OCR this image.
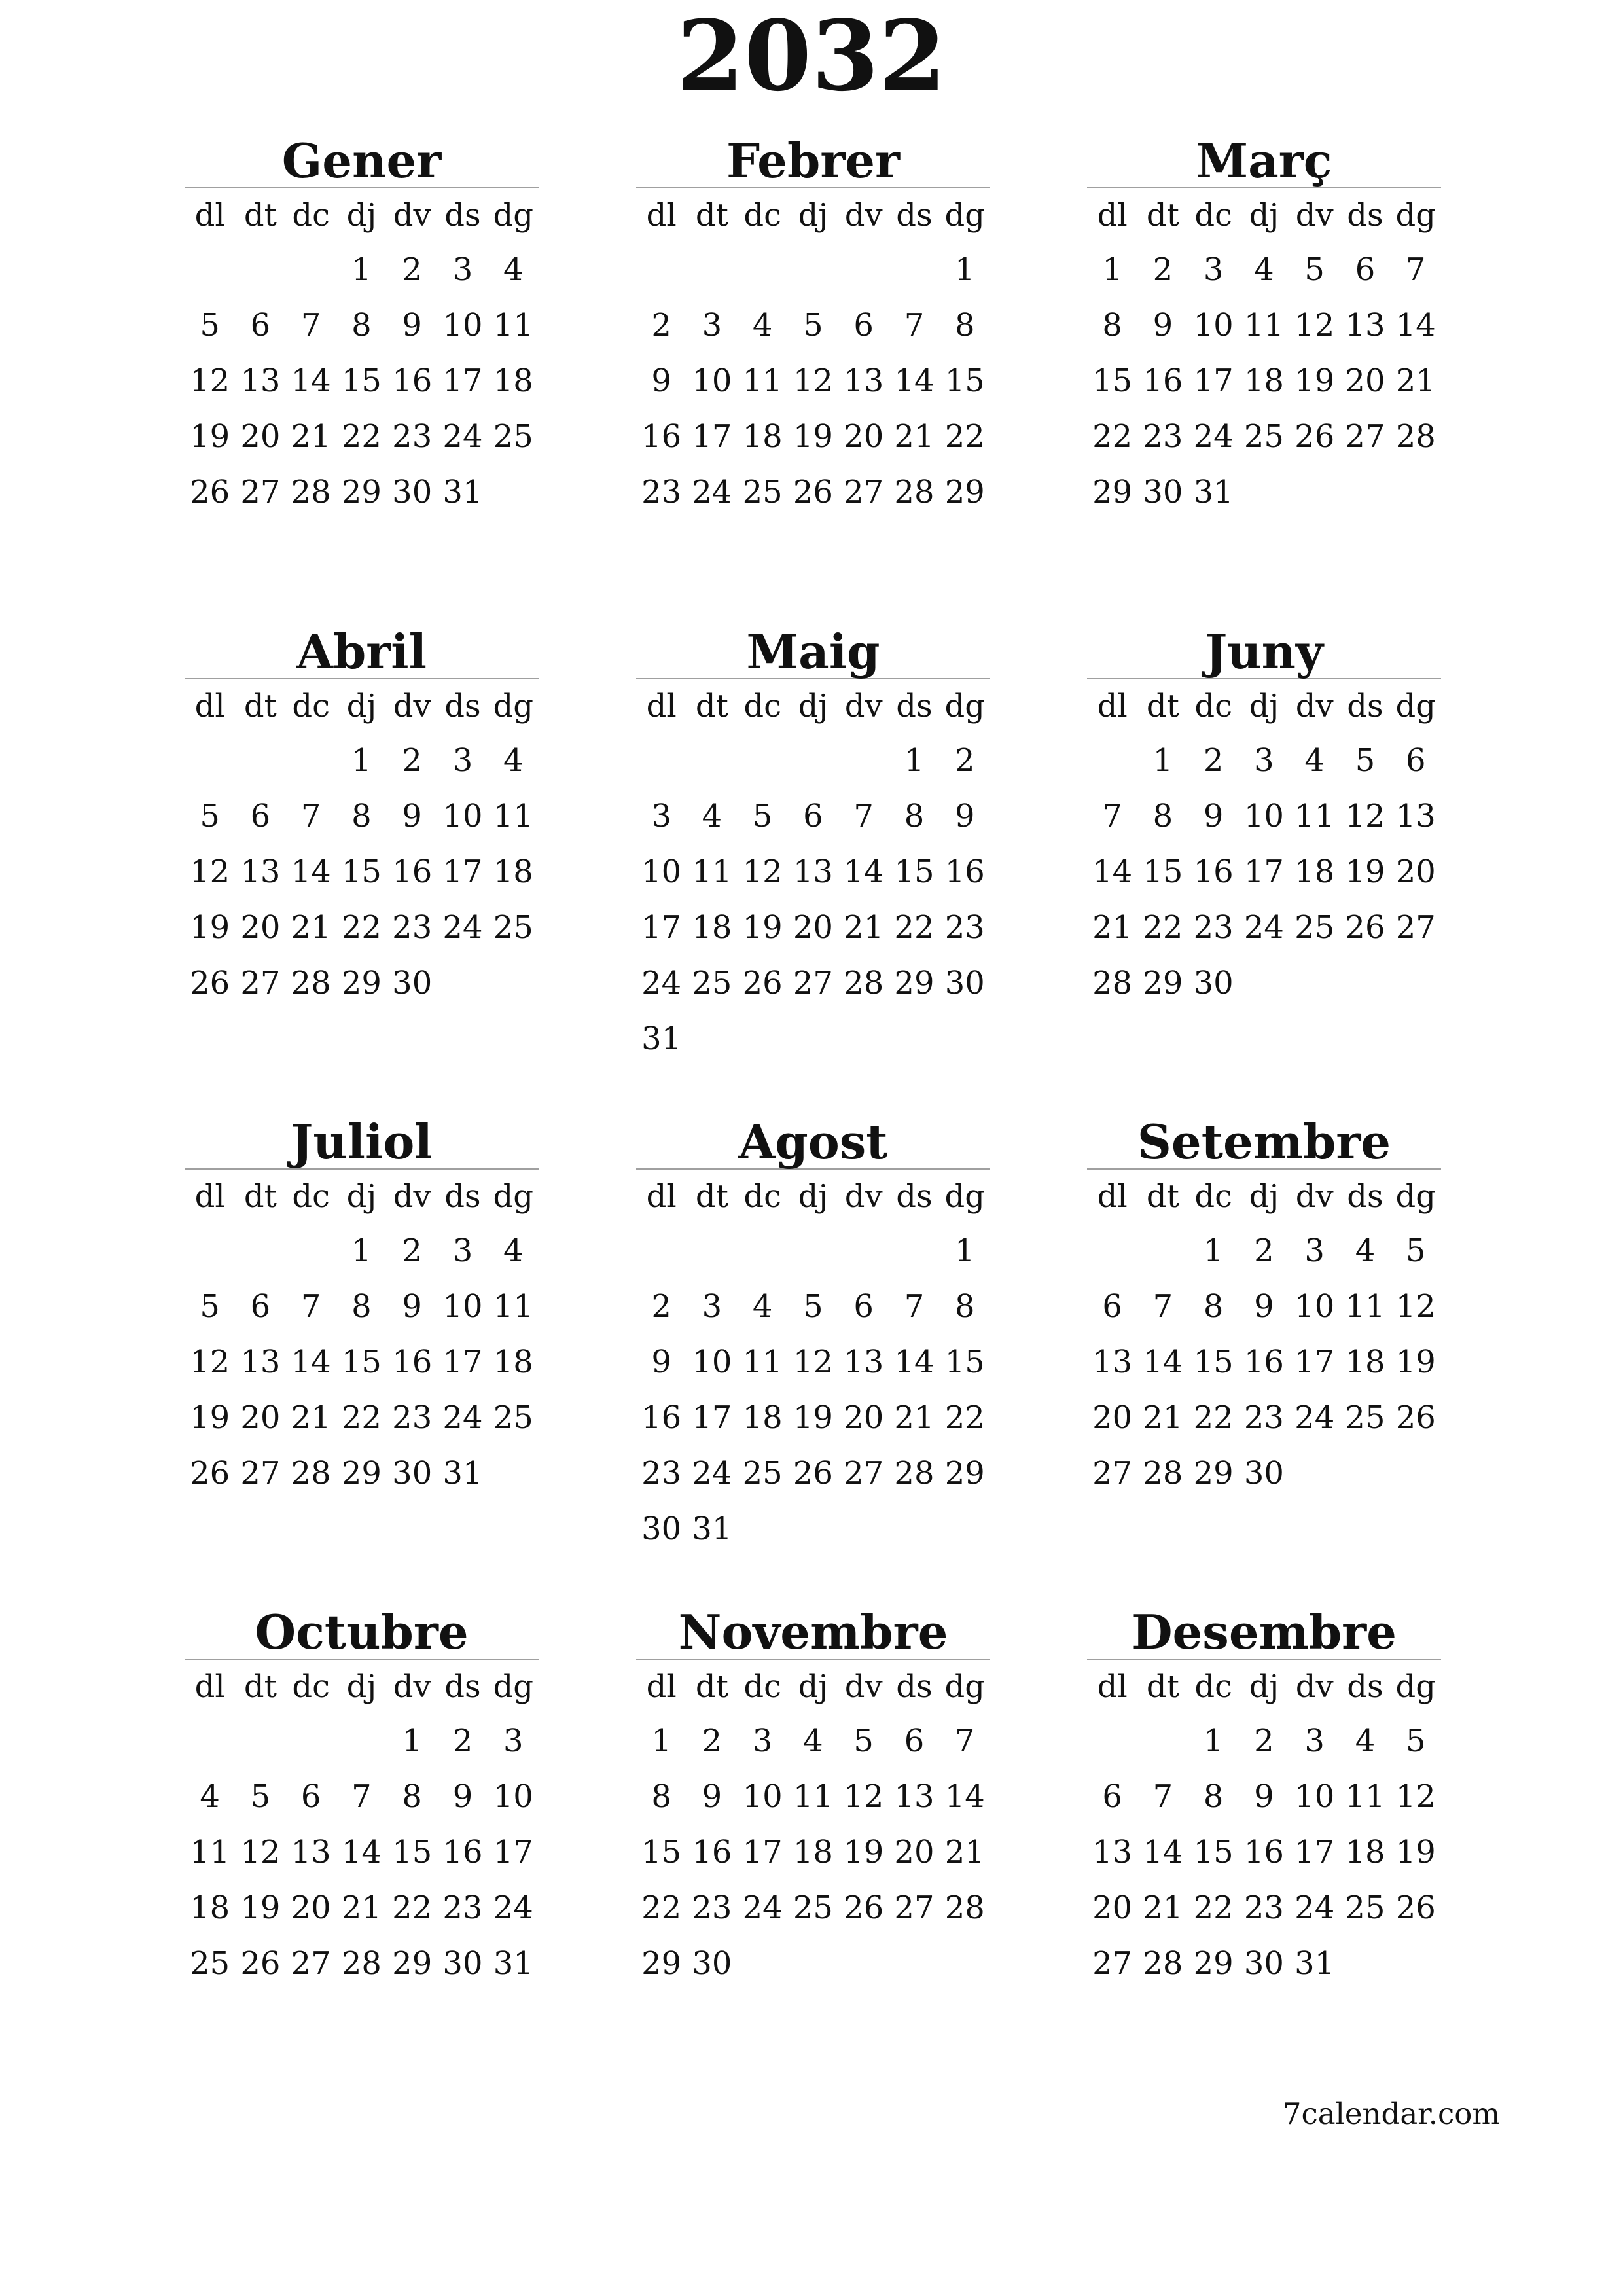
2032
Gener
dl dt dc dj dv ds dg
1 2 3 4
5 6 7 8 9 10 11
12 13 14 15 16 17 18
19 20 21 22 23 24 25
26 27 28 29 30 31
Febrer
dl dt dc dj dv ds dg
1
2 3 4 5 6 7 8
9 10 11 12 13 14 15
16 17 18 19 20 21 22
23 24 25 26 27 28 29
Març
dl dt dc dj dv ds dg
1 2 3 4 5 6 7
8 9 10 11 12 13 14
15 16 17 18 19 20 21
22 23 24 25 26 27 28
29 30 31
Abril
dl dt dc dj dv ds dg
1 2 3 4
5 6 7 8 9 10 11
12 13 14 15 16 17 18
19 20 21 22 23 24 25
26 27 28 29 30
Maig
dl dt dc dj dv ds dg
1 2
3 4 5 6 7 8 9
10 11 12 13 14 15 16
17 18 19 20 21 22 23
24 25 26 27 28 29 30
31
Juny
dl dt dc dj dv ds dg
1 2 3 4 5 6
7 8 9 10 11 12 13
14 15 16 17 18 19 20
21 22 23 24 25 26 27
28 29 30
Juliol
dl dt dc dj dv ds dg
1 2 3 4
5 6 7 8 9 10 11
12 13 14 15 16 17 18
19 20 21 22 23 24 25
26 27 28 29 30 31
Agost
dl dt dc dj dv ds dg
1
2 3 4 5 6 7 8
9 10 11 12 13 14 15
16 17 18 19 20 21 22
23 24 25 26 27 28 29
30 31
Setembre
dl dt dc dj dv ds dg
1 2 3 4 5
6 7 8 9 10 11 12
13 14 15 16 17 18 19
20 21 22 23 24 25 26
27 28 29 30
Octubre
dl dt dc dj dv ds dg
1 2 3
4 5 6 7 8 9 10
11 12 13 14 15 16 17
18 19 20 21 22 23 24
25 26 27 28 29 30 31
Novembre
dl dt dc dj dv ds dg
1 2 3 4 5 6 7
8 9 10 11 12 13 14
15 16 17 18 19 20 21
22 23 24 25 26 27 28
29 30
Desembre
dl dt dc dj dv ds dg
1 2 3 4 5
6 7 8 9 10 11 12
13 14 15 16 17 18 19
20 21 22 23 24 25 26
27 28 29 30 31
7calendar.com
